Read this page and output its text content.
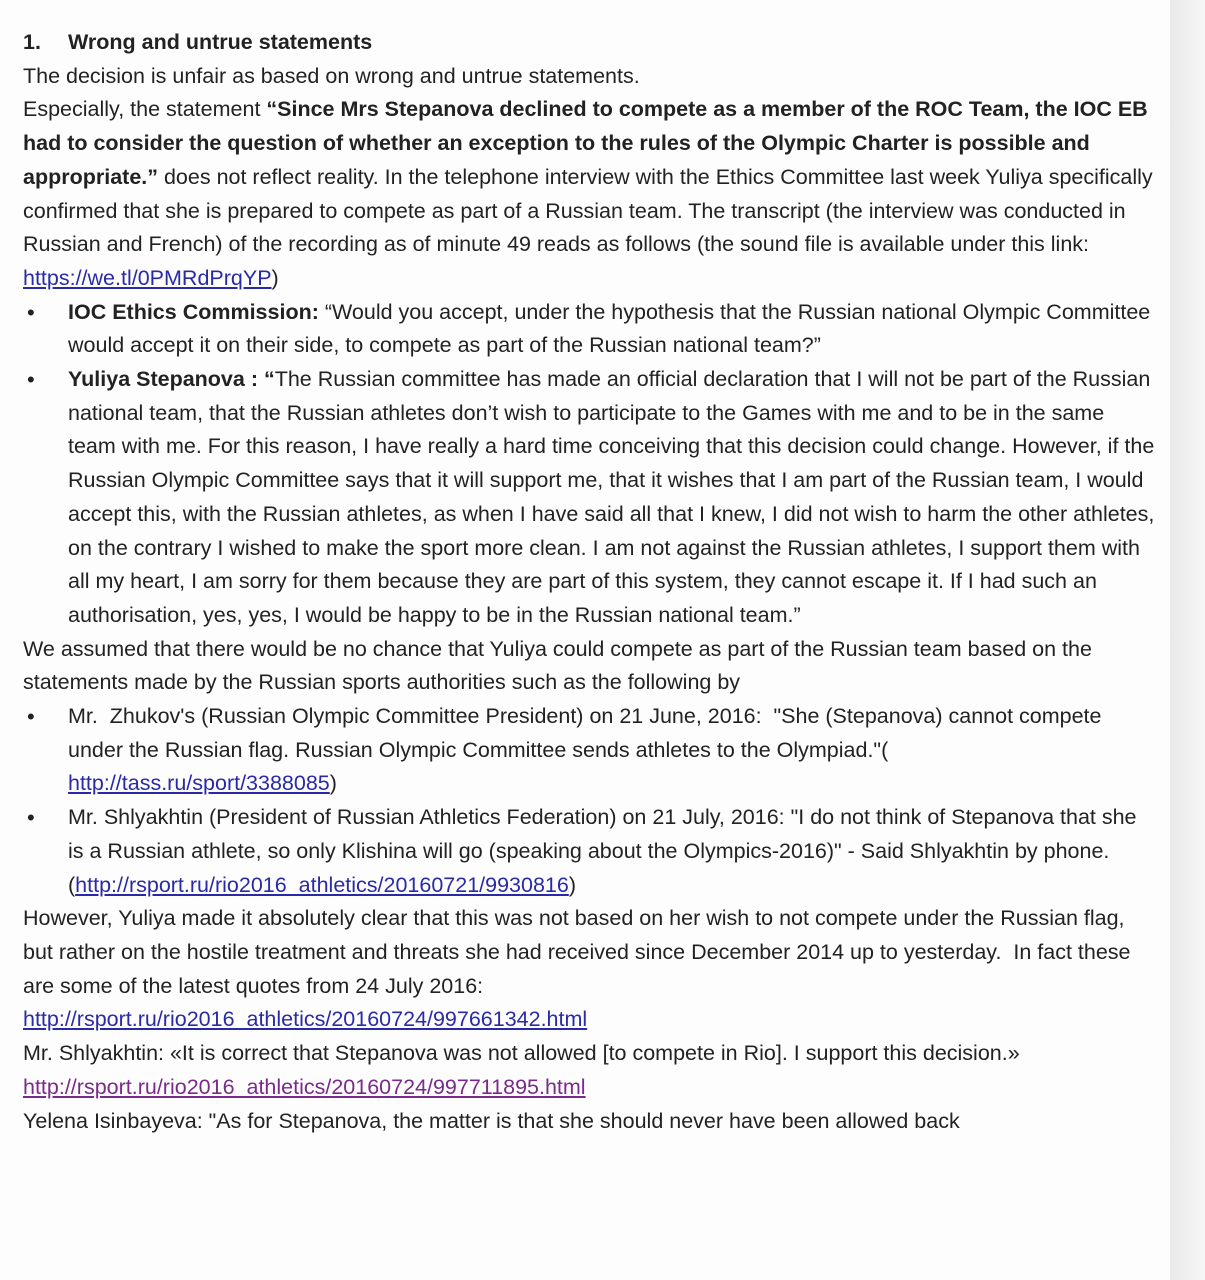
1. Wrong and untrue statements

The decision is unfair as based on wrong and untrue statements.

Especially, the statement “Since Mrs Stepanova declined to compete as a member of the ROC Team, the IOC EB had to consider the question of whether an exception to the rules of the Olympic Charter is possible and appropriate.” does not reflect reality. In the telephone interview with the Ethics Committee last week Yuliya specifically confirmed that she is prepared to compete as part of a Russian team. The transcript (the interview was conducted in Russian and French) of the recording as of minute 49 reads as follows (the sound file is available under this link: https://we.tl/0PMRdPrqYP)

• IOC Ethics Commission: “Would you accept, under the hypothesis that the Russian national Olympic Committee would accept it on their side, to compete as part of the Russian national team?”
• Yuliya Stepanova : “The Russian committee has made an official declaration that I will not be part of the Russian national team, that the Russian athletes don’t wish to participate to the Games with me and to be in the same team with me. For this reason, I have really a hard time conceiving that this decision could change. However, if the Russian Olympic Committee says that it will support me, that it wishes that I am part of the Russian team, I would accept this, with the Russian athletes, as when I have said all that I knew, I did not wish to harm the other athletes, on the contrary I wished to make the sport more clean. I am not against the Russian athletes, I support them with all my heart, I am sorry for them because they are part of this system, they cannot escape it. If I had such an authorisation, yes, yes, I would be happy to be in the Russian national team.”

We assumed that there would be no chance that Yuliya could compete as part of the Russian team based on the statements made by the Russian sports authorities such as the following by

• Mr.  Zhukov's (Russian Olympic Committee President) on 21 June, 2016:  "She (Stepanova) cannot compete under the Russian flag. Russian Olympic Committee sends athletes to the Olympiad."( http://tass.ru/sport/3388085)
• Mr. Shlyakhtin (President of Russian Athletics Federation) on 21 July, 2016: "I do not think of Stepanova that she is a Russian athlete, so only Klishina will go (speaking about the Olympics-2016)" - Said Shlyakhtin by phone. (http://rsport.ru/rio2016_athletics/20160721/9930816)

However, Yuliya made it absolutely clear that this was not based on her wish to not compete under the Russian flag, but rather on the hostile treatment and threats she had received since December 2014 up to yesterday.  In fact these are some of the latest quotes from 24 July 2016:

http://rsport.ru/rio2016_athletics/20160724/997661342.html

Mr. Shlyakhtin: «It is correct that Stepanova was not allowed [to compete in Rio]. I support this decision.»

http://rsport.ru/rio2016_athletics/20160724/997711895.html

Yelena Isinbayeva: "As for Stepanova, the matter is that she should never have been allowed back
